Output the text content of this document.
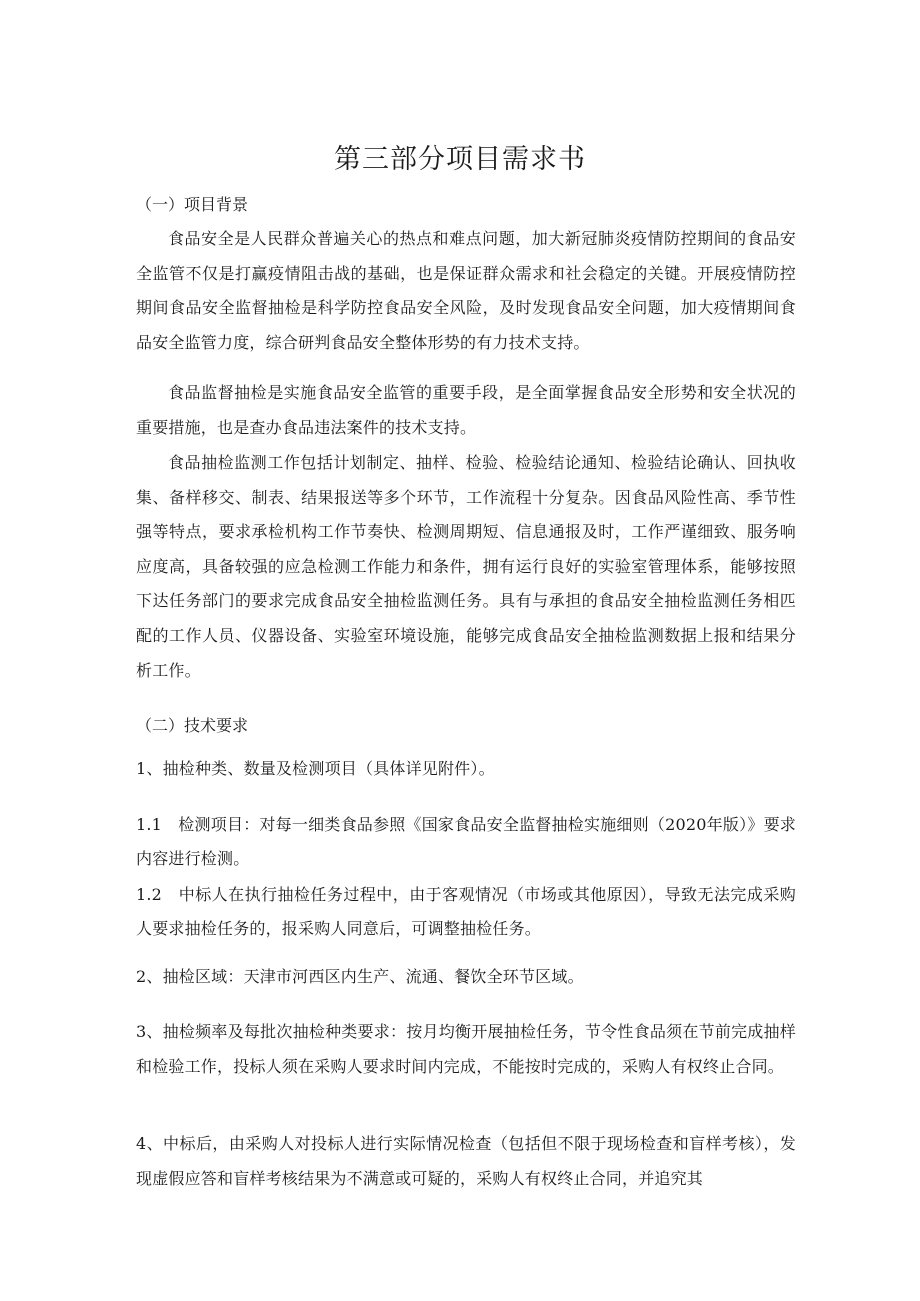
第三部分项目需求书
（一）项目背景
食品安全是人民群众普遍关心的热点和难点问题，加大新冠肺炎疫情防控期间的食品安全监管不仅是打赢疫情阻击战的基础，也是保证群众需求和社会稳定的关键。开展疫情防控期间食品安全监督抽检是科学防控食品安全风险，及时发现食品安全问题，加大疫情期间食品安全监管力度，综合研判食品安全整体形势的有力技术支持。
食品监督抽检是实施食品安全监管的重要手段，是全面掌握食品安全形势和安全状况的重要措施，也是查办食品违法案件的技术支持。
食品抽检监测工作包括计划制定、抽样、检验、检验结论通知、检验结论确认、回执收集、备样移交、制表、结果报送等多个环节，工作流程十分复杂。因食品风险性高、季节性强等特点，要求承检机构工作节奏快、检测周期短、信息通报及时，工作严谨细致、服务响应度高，具备较强的应急检测工作能力和条件，拥有运行良好的实验室管理体系，能够按照下达任务部门的要求完成食品安全抽检监测任务。具有与承担的食品安全抽检监测任务相匹配的工作人员、仪器设备、实验室环境设施，能够完成食品安全抽检监测数据上报和结果分析工作。
（二）技术要求
1、抽检种类、数量及检测项目（具体详见附件）。
1.1　检测项目：对每一细类食品参照《国家食品安全监督抽检实施细则（2020年版）》要求内容进行检测。
1.2　中标人在执行抽检任务过程中，由于客观情况（市场或其他原因），导致无法完成采购人要求抽检任务的，报采购人同意后，可调整抽检任务。
2、抽检区域：天津市河西区内生产、流通、餐饮全环节区域。
3、抽检频率及每批次抽检种类要求：按月均衡开展抽检任务，节令性食品须在节前完成抽样和检验工作，投标人须在采购人要求时间内完成，不能按时完成的，采购人有权终止合同。
4、中标后，由采购人对投标人进行实际情况检查（包括但不限于现场检查和盲样考核），发现虚假应答和盲样考核结果为不满意或可疑的，采购人有权终止合同，并追究其
